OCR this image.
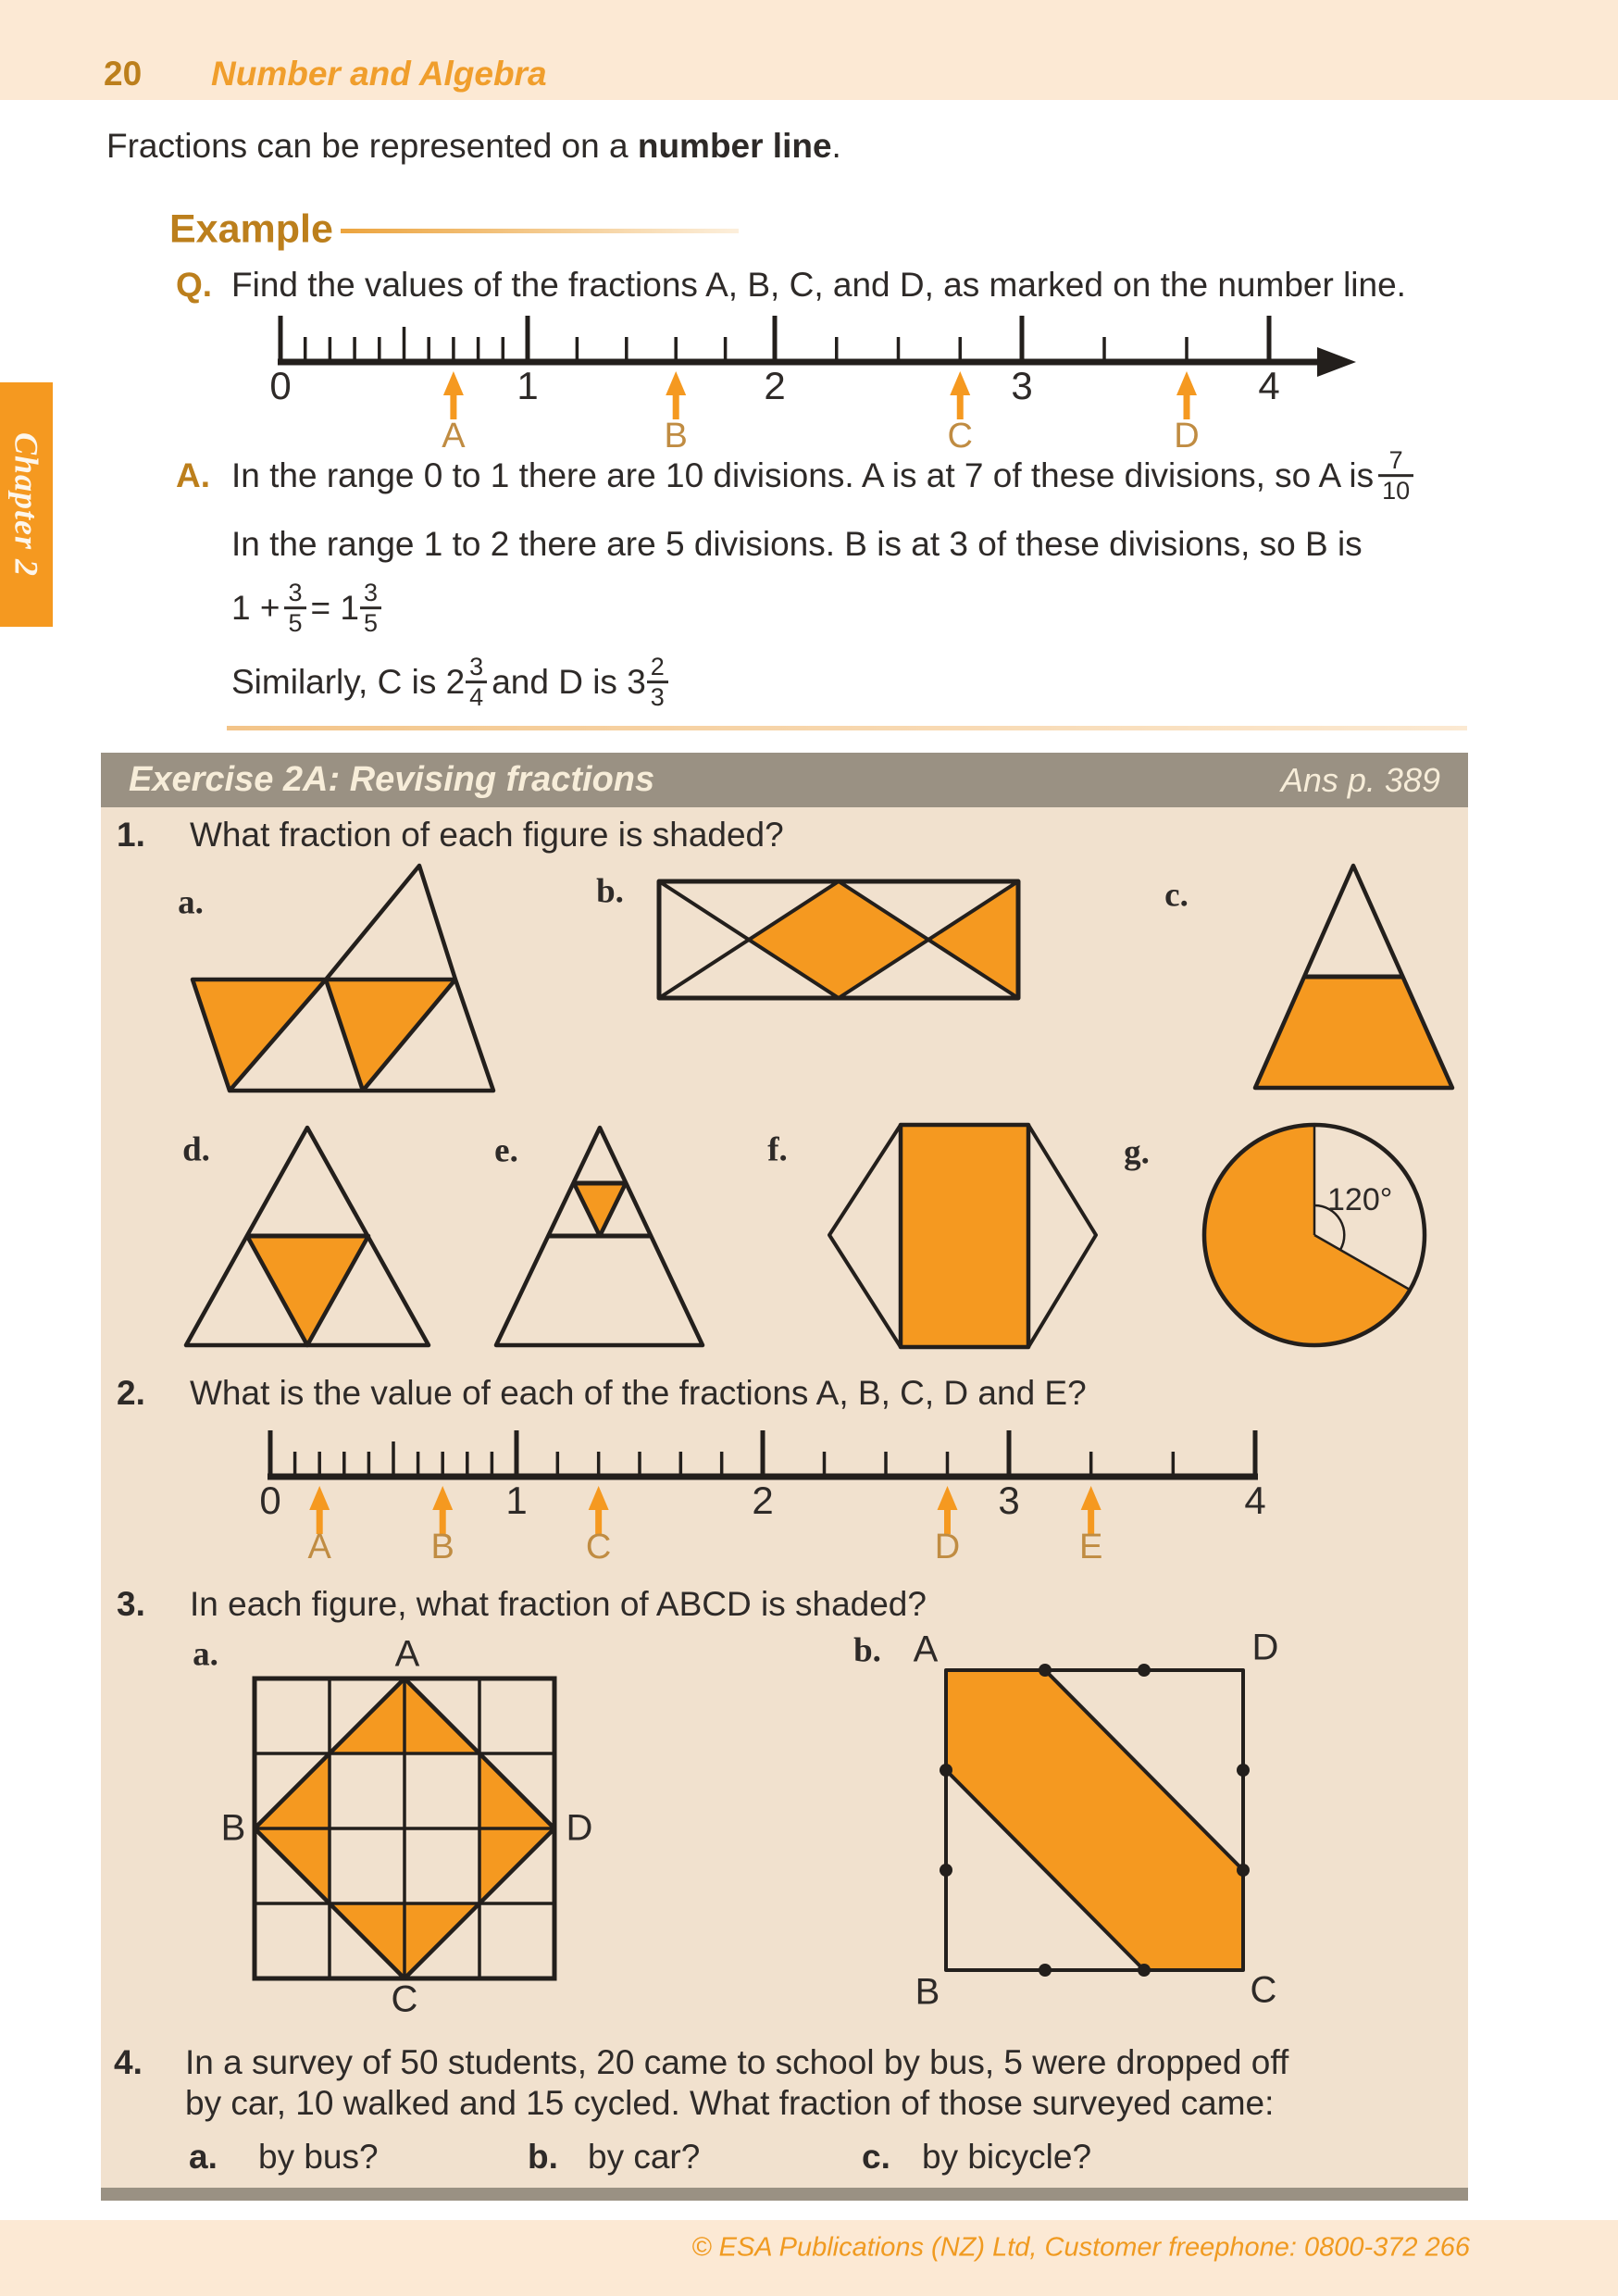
20 Number and Algebra
Chapter 2
Fractions can be represented on a number line.
Example
Q. Find the values of the fractions A, B, C, and D, as marked on the number line.
0	1	2	3	4
A	B	C	D
A. In the range 0 to 1 there are 10 divisions. A is at 7 of these divisions, so A is $\frac{7}{10}$
In the range 1 to 2 there are 5 divisions. B is at 3 of these divisions, so B is
$1 + \frac{3}{5} = 1 \frac{3}{5}$
Similarly, C is $2 \frac{3}{4}$ and D is $3 \frac{2}{3}$
Exercise 2A: Revising fractions	Ans p. 389
1. What fraction of each figure is shaded?
a.	b.	c.
d.	e.	f.	g.
120°
2. What is the value of each of the fractions A, B, C, D and E?
0	1	2	3	4
A	B	C	D	E
3. In each figure, what fraction of ABCD is shaded?
a.	b.
A
B
C
D
A	D
B	C
4. In a survey of 50 students, 20 came to school by bus, 5 were dropped off
by car, 10 walked and 15 cycled. What fraction of those surveyed came:
a. by bus?	b. by car?	c. by bicycle?
© ESA Publications (NZ) Ltd, Customer freephone: 0800-372 266
